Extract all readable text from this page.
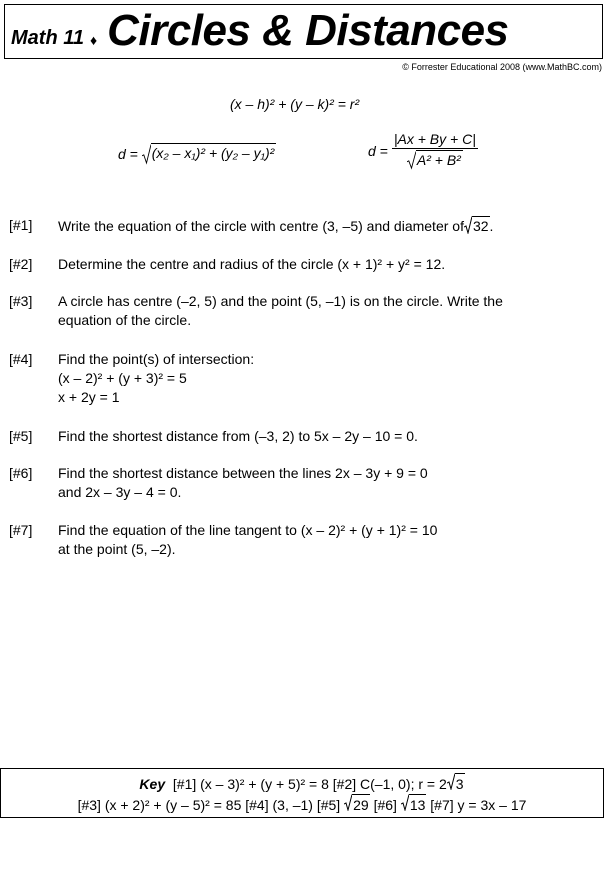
Math 11 ♦ Circles & Distances
© Forrester Educational 2008 (www.MathBC.com)
(x – h)² + (y – k)² = r²
d =
(x₂ – x₁)² + (y₂ – y₁)²	$d = \frac{|Ax + By + C|}{\text{A² + B²}}$
[#1]	Write the equation of the circle with centre (3, –5) and diameter of 32 .
[#2]	Determine the centre and radius of the circle (x + 1)² + y² = 12.
[#3]	A circle has centre (–2, 5) and the point (5, –1) is on the circle. Write the
equation of the circle.
[#4]	Find the point(s) of intersection:
(x – 2)² + (y + 3)² = 5
x + 2y = 1
[#5]	Find the shortest distance from (–3, 2) to 5x – 2y – 10 = 0.
[#6]	Find the shortest distance between the lines 2x – 3y + 9 = 0
and 2x – 3y – 4 = 0.
[#7]	Find the equation of the line tangent to (x – 2)² + (y + 1)² = 10
at the point (5, –2).
Key [#1] (x – 3)² + (y + 5)² = 8 [#2] C(–1, 0); r = 2 3
[#3] (x + 2)² + (y – 5)² = 85 [#4] (3, –1) [#5] 29 [#6] 13 [#7] y = 3x – 17
